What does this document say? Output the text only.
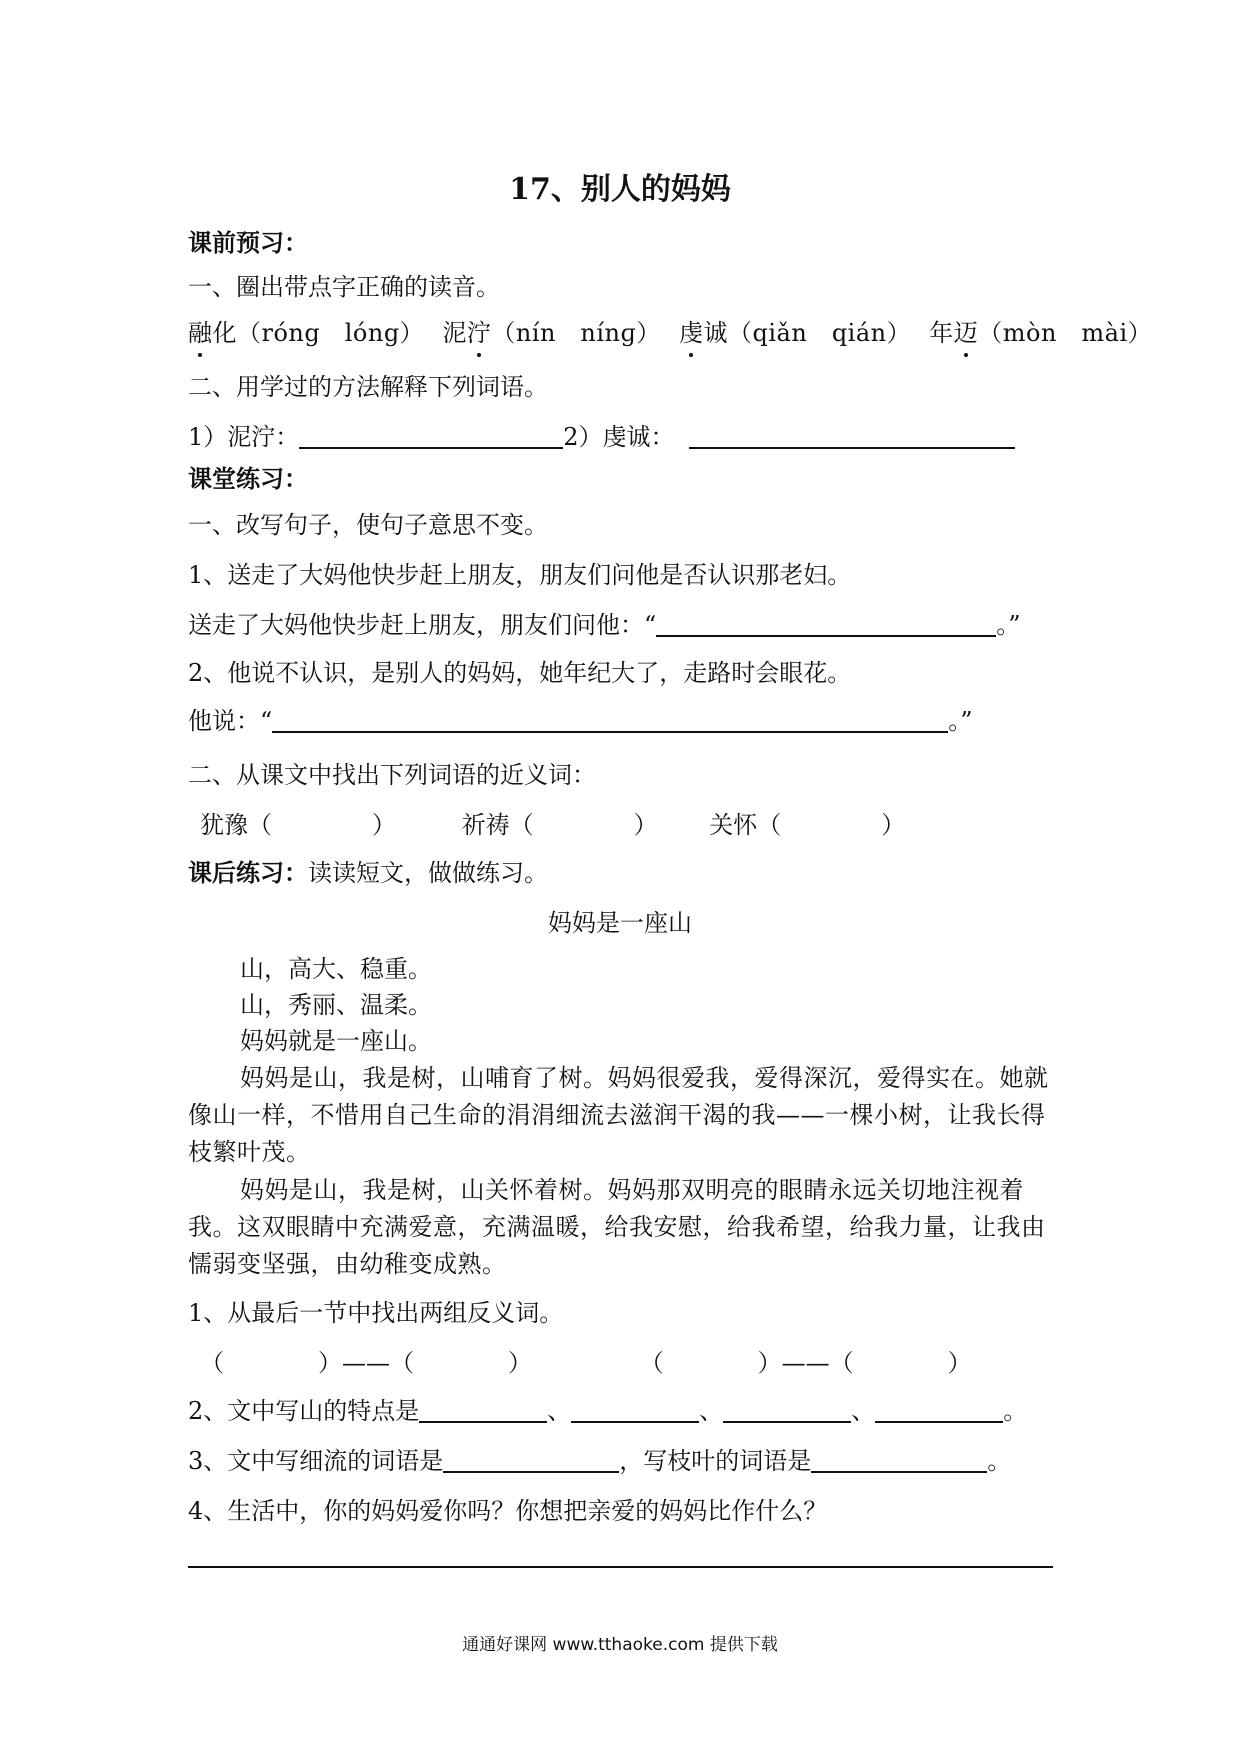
17、别人的妈妈
课前预习：
一、圈出带点字正确的读音。
融化（róng　lóng） 泥泞（nín　nínɡ） 虔诚（qiǎn　qián） 年迈（mòn　mài）
二、用学过的方法解释下列词语。
1）泥泞：	2）虔诚：
课堂练习：
一、改写句子，使句子意思不变。
1、送走了大妈他快步赶上朋友，朋友们问他是否认识那老妇。
送走了大妈他快步赶上朋友，朋友们问他：“	。”
2、他说不认识，是别人的妈妈，她年纪大了，走路时会眼花。
他说：“	。”
二、从课文中找出下列词语的近义词：
犹豫（	）	祈祷（	） 关怀（	）
课后练习：读读短文，做做练习。
妈妈是一座山
山，高大、稳重。
山，秀丽、温柔。
妈妈就是一座山。
妈妈是山，我是树，山哺育了树。妈妈很爱我，爱得深沉，爱得实在。她就像山一样，不惜用自己生命的涓涓细流去滋润干渴的我——一棵小树，让我长得枝繁叶茂。
妈妈是山，我是树，山关怀着树。妈妈那双明亮的眼睛永远关切地注视着我。这双眼睛中充满爱意，充满温暖，给我安慰，给我希望，给我力量，让我由懦弱变坚强，由幼稚变成熟。
1、从最后一节中找出两组反义词。
（	）——（	）	（	）——（	）
2、文中写山的特点是	、	、	、	。
3、文中写细流的词语是	，写枝叶的词语是	。
4、生活中，你的妈妈爱你吗？你想把亲爱的妈妈比作什么？
通通好课网 www.tthaoke.com 提供下载
